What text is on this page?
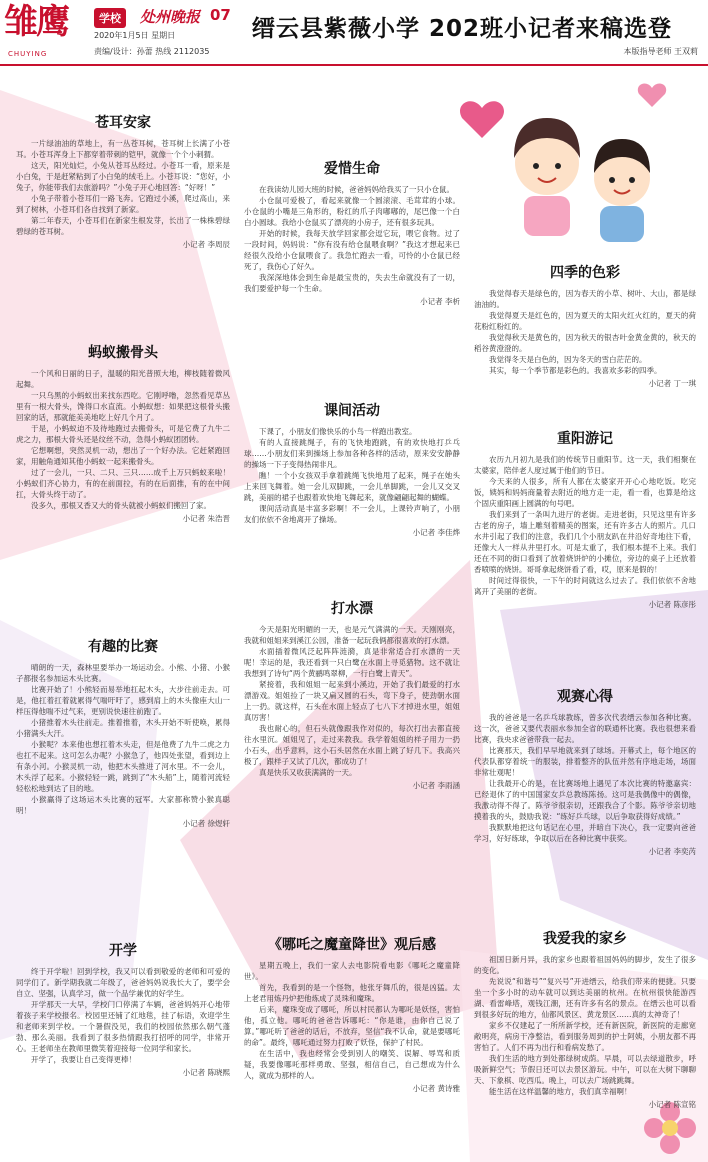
雏鹰
CHUYING
学校	处州晚报 07
2020年1月5日 星期日
责编/设计：孙蕾 热线 2112035
缙云县紫薇小学 202班小记者来稿选登
本版指导老师 王双莉
苍耳安家

一片绿油油的草地上，有一丛苍耳树，苍耳树上长满了小苍耳。小苍耳浑身上下都穿着带刺的铠甲，就像一个个小刺猬。

这天，阳光灿烂，小兔从苍耳丛经过。小苍耳一看，原来是小白兔，于是赶紧粘到了小白兔的绒毛上。小苍耳说：“您好，小兔子，你能带我们去旅游吗？”小兔子开心地回答：“好呀！”

小兔子带着小苍耳们一路飞奔。它跑过小溪，爬过高山，来到了树林，小苍耳们各自找到了新家。

第二年春天，小苍耳们在新家生根发芽，长出了一株株碧绿碧绿的苍耳树。

小记者 李周辰
蚂蚁搬骨头

一个风和日丽的日子，温暖的阳光普照大地，柳枝随着微风起舞。

一只乌黑的小蚂蚁出来找东西吃。它刚呼噜，忽然看见草丛里有一根大骨头，馋得口水直流。小蚂蚁想：如果把这根骨头搬回家的话，那就能美美地吃上好几个月了。

于是，小蚂蚁迫不及待地跑过去搬骨头，可是它费了九牛二虎之力，那根大骨头还是纹丝不动，急得小蚂蚁团团转。

它想啊想，突然灵机一动，想出了一个好办法。它赶紧跑回家，用触角通知其他小蚂蚁一起来搬骨头。

过了一会儿，一只、二只、三只……成千上万只蚂蚁来啦！小蚂蚁们齐心协力，有的在前面拉，有的在后面推，有的在中间扛，大骨头终于动了。

没多久，那根又香又大的骨头就被小蚂蚁们搬回了家。

小记者 朱浩晋
有趣的比赛

晴朗的一天，森林里要举办一场运动会。小熊、小猪、小猴子都报名参加运木头比赛。

比赛开始了！小熊轻而易举地扛起木头，大步往前走去。可是，他扛着扛着就累得气喘吁吁了，感到肩上的木头像座大山一样压得他喘不过气来，更别说快速往前跑了。

小猪推着木头往前走。推着推着，木头开始不听使唤，累得小猪满头大汗。

小猴呢？本来他也想扛着木头走，但是他费了九牛二虎之力也扛不起来。这可怎么办呢？小猴急了，他四处张望，看到边上有条小河。小猴灵机一动，他把木头推进了河水里。不一会儿，木头浮了起来。小猴轻轻一跳，跳到了“木头船”上，随着河流轻轻松松地到达了目的地。

小猴赢得了这场运木头比赛的冠军。大家都称赞小猴真聪明！

小记者 徐煜轩
开学

终于开学啦！回到学校，我又可以看到敬爱的老师和可爱的同学们了。新学期我就二年级了，爸爸妈妈说我长大了，要学会自立、坚强，认真学习，做一个品学兼优的好学生。

开学那天一大早，学校门口停满了车辆，爸爸妈妈开心地带着孩子来学校报名。校园里还铺了红地毯，挂了标语，欢迎学生和老师来到学校。一个暑假没见，我们的校园依然那么朝气蓬勃、那么美丽。我看到了很多热情跟我打招呼的同学，非常开心。王老师坐在教师里微笑着迎接每一位同学和家长。

开学了，我要让自己变得更棒！

小记者 陈晓熙
爱惜生命

在我读幼儿园大班的时候，爸爸妈妈给我买了一只小仓鼠。

小仓鼠可爱极了，看起来就像一个圆滚滚、毛茸茸的小球。小仓鼠的小嘴是三角形的，粉红的爪子肉嘟嘟的，尾巴像一个白白小圆球。我给小仓鼠买了漂亮的小房子，还有很多玩具。

开始的时候，我每天放学回家都会逗它玩，喂它食物。过了一段时间，妈妈说：“你有没有给仓鼠喂食啊？”我这才想起来已经很久没给小仓鼠喂食了。我急忙跑去一看，可怜的小仓鼠已经死了，我伤心了好久。

我深深地体会到生命是最宝贵的，失去生命就没有了一切，我们要爱护每一个生命。

小记者 李析
课间活动

下课了，小朋友们像快乐的小鸟一样跑出教室。

有的人直接跳绳子，有的飞快地跑跳，有的欢快地打乒乓球……小朋友们来到操场上参加各种各样的活动，原来安安静静的操场一下子变得热闹非凡。

瞧！一个小女孩双手拿着跳绳飞快地甩了起来，绳子在她头上来回飞舞着。她一会儿双脚跳，一会儿单脚跳，一会儿又交叉跳，美丽的裙子也跟着欢快地飞舞起来，就像翩翩起舞的蝴蝶。

课间活动真是丰富多彩啊！不一会儿，上课铃声响了，小朋友们依依不舍地离开了操场。

小记者 李佳烨
打水漂

今天是阳光明媚的一天，也是元气满满的一天。天刚刚亮，我就和姐姐来到溪江公园，准备一起玩我俩都很喜欢的打水漂。

水面插着微风泛起阵阵涟漪，真是非常适合打水漂的一天呢！幸运的是，我还看到一只白鹭在水面上寻觅猎物。这不就让我想到了诗句“两个黄鹂鸣翠柳，一行白鹭上青天”。

紧接着，我和姐姐一起来到小溪边，开始了我们最爱的打水漂游戏。姐姐捡了一块又扁又圆的石头，弯下身子，使劲朝水面上一扔。就这样，石头在水面上轻点了七八下才掉进水里，姐姐真厉害！

我也耐心的，但石头就像跟我作对似的，每次打出去都直接往水里沉。姐姐见了，走过来教我。我学着姐姐的样子用力一扔小石头，出乎意料，这小石头居然在水面上跳了好几下。我高兴极了，跟样子又试了几次，都成功了！

真是快乐又收获满满的一天。

小记者 李雨涵
《哪吒之魔童降世》观后感

星期五晚上，我们一家人去电影院看电影《哪吒之魔童降世》。

首先，我看到的是一个怪物，他张牙舞爪的，很是凶猛。太上老君用炼丹炉把他炼成了灵珠和魔珠。

后来，魔珠变成了哪吒，所以村民都认为哪吒是妖怪，害怕他，孤立他。哪吒的爸爸告诉哪吒：“你是谁，由你自己说了算。”哪吒听了爸爸的话后，不放弃，坚信“我不认命，就是要哪吒的命”。最终，哪吒通过努力打败了妖怪，保护了村民。

在生活中，我也经常会受到别人的嘲笑、误解、辱骂和质疑，我要像哪吒那样勇敢、坚强，相信自己，自己想成为什么人，就成为那样的人。

小记者 黄诗雅
四季的色彩

我觉得春天是绿色的，因为春天的小草、树叶、大山，都是绿油油的。

我觉得夏天是红色的，因为夏天的太阳火红火红的，夏天的荷花粉红粉红的。

我觉得秋天是黄色的，因为秋天的银杏叶金黄金黄的，秋天的稻谷黄澄澄的。

我觉得冬天是白色的，因为冬天的雪白茫茫的。

其实，每一个季节都是彩色的。我喜欢多彩的四季。

小记者 丁一琪
重阳游记

农历九月初九是我们的传统节日重阳节。这一天，我们相聚在太婆家，陪伴老人度过属于他们的节日。

今天来的人很多，所有人都在太婆家开开心心地吃饭。吃完饭，姨妈和妈妈商量着去附近的地方走一走，看一看，也算是给这个固庆重阳画上圆满的句号吧。

我们来到了一条叫九进厅的老街。走进老街，只见这里有许多古老的房子，墙上雕刻着精美的图案，还有许多古人的照片。几口水井引起了我们的注意，我们几个小朋友趴在井沿好奇地往下看，还像大人一样从井里打水。可是太重了，我们根本提不上来。我们还在不同的街口看到了放着烧饼炉的小摊位，旁边的桌子上还放着香喷喷的烧饼。哥哥拿起烧饼看了看，哎，原来是假的！

时间过得很快，一下午的时间就这么过去了。我们依依不舍地离开了美丽的老街。

小记者 陈彦彤
观赛心得

我的爸爸是一名乒乓球教练，曾多次代表缙云参加各种比赛。这一次，爸爸又要代表丽水参加全省的联通杯比赛。我也很想来看比赛，我央求爸爸带我一起去。

比赛那天，我们早早地就来到了球场。开幕式上，每个地区的代表队都穿着统一的服装，排着整齐的队伍并然有序地走场，场面非常壮观呢！

让我最开心的是，在比赛场地上遇见了本次比赛的特邀嘉宾：已经退休了的中国国家女乒总教练陈扬。这可是我偶像中的偶像，我激动得不得了。陈爷爷很亲切，还跟我合了个影。陈爷爷亲切地摸着我的头，鼓励我说：“练好乒乓球，以后争取获得好成绩。”

我默默地把这句话记在心里，并暗自下决心，我一定要向爸爸学习，好好练球，争取以后在各种比赛中获奖。

小记者 李奕芮
我爱我的家乡

祖国日新月异，我的家乡也跟着祖国妈妈的脚步，发生了很多的变化。

先说说“和谐号”“复兴号”开进缙云，给我们带来的便捷。只要坐一个多小时的动车就可以到达美丽的杭州。在杭州很快能游西湖、看雷峰塔，观钱江潮，还有许多有名的景点。在缙云也可以看到很多好玩的地方，仙都风景区、黄龙景区……真的太神奇了！

家乡不仅建起了一所所新学校，还有新医院，新医院的走廊宽敞明亮，病房干净整洁，看到服务周到的护士阿姨，小朋友都不再害怕了。人们不再为出行和看病发愁了。

我们生活的地方到处都绿树成荫。早晨，可以去绿道散步，呼吸新鲜空气；节假日还可以去景区游玩。中午，可以在大树下聊聊天、下象棋、吃西瓜。晚上，可以去广场跳跳舞。

能生活在这样温馨的地方，我们真幸福啊！

小记者 陈宣铭
